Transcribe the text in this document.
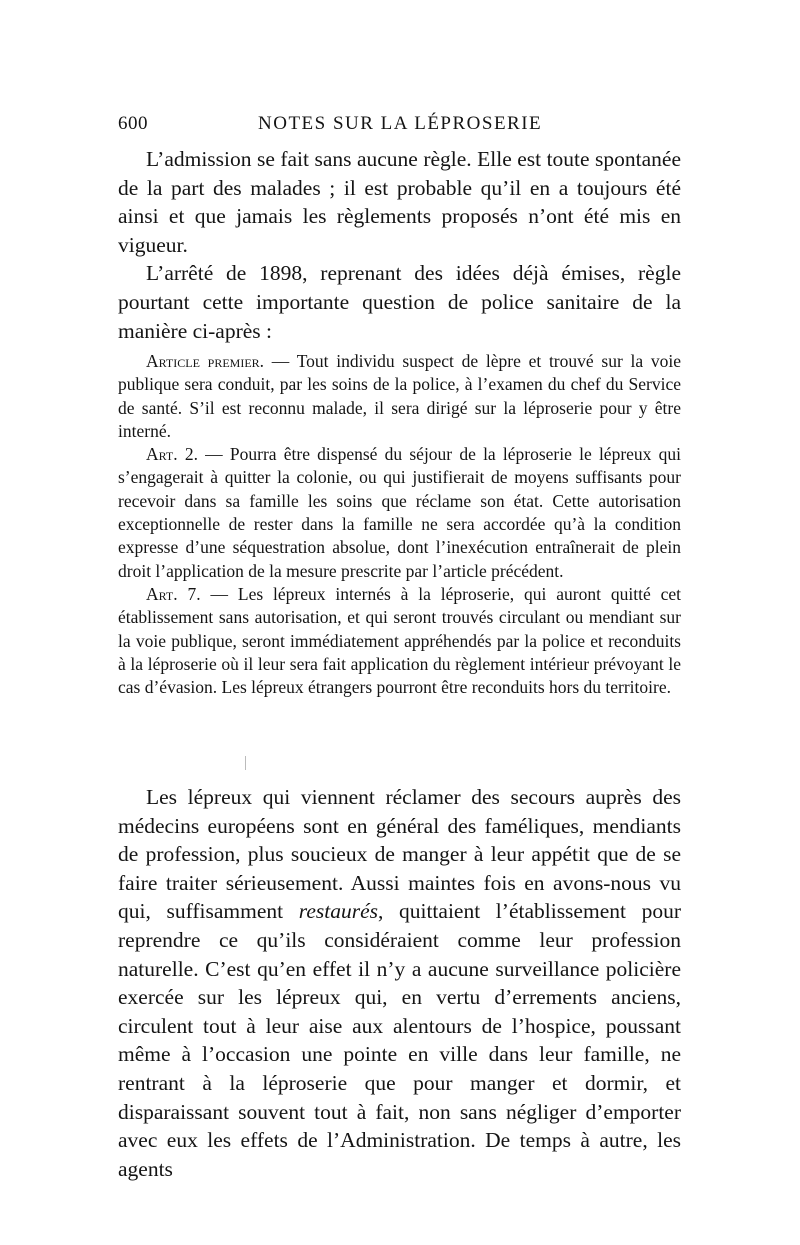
600	NOTES SUR LA LÉPROSERIE

L’admission se fait sans aucune règle. Elle est toute spontanée de la part des malades ; il est probable qu’il en a toujours été ainsi et que jamais les règlements proposés n’ont été mis en vigueur.

L’arrêté de 1898, reprenant des idées déjà émises, règle pourtant cette importante question de police sanitaire de la manière ci-après :

Article premier. — Tout individu suspect de lèpre et trouvé sur la voie publique sera conduit, par les soins de la police, à l’examen du chef du Service de santé. S’il est reconnu malade, il sera dirigé sur la léproserie pour y être interné.

Art. 2. — Pourra être dispensé du séjour de la léproserie le lépreux qui s’engagerait à quitter la colonie, ou qui justifierait de moyens suffisants pour recevoir dans sa famille les soins que réclame son état. Cette autorisation exceptionnelle de rester dans la famille ne sera accordée qu’à la condition expresse d’une séquestration absolue, dont l’inexécution entraînerait de plein droit l’application de la mesure prescrite par l’article précédent.

Art. 7. — Les lépreux internés à la léproserie, qui auront quitté cet établissement sans autorisation, et qui seront trouvés circulant ou mendiant sur la voie publique, seront immédiatement appréhendés par la police et reconduits à la léproserie où il leur sera fait application du règlement intérieur prévoyant le cas d’évasion. Les lépreux étrangers pourront être reconduits hors du territoire.

Les lépreux qui viennent réclamer des secours auprès des médecins européens sont en général des faméliques, mendiants de profession, plus soucieux de manger à leur appétit que de se faire traiter sérieusement. Aussi maintes fois en avons-nous vu qui, suffisamment restaurés, quittaient l’établissement pour reprendre ce qu’ils considéraient comme leur profession naturelle. C’est qu’en effet il n’y a aucune surveillance policière exercée sur les lépreux qui, en vertu d’errements anciens, circulent tout à leur aise aux alentours de l’hospice, poussant même à l’occasion une pointe en ville dans leur famille, ne rentrant à la léproserie que pour manger et dormir, et disparaissant souvent tout à fait, non sans négliger d’emporter avec eux les effets de l’Administration. De temps à autre, les agents
